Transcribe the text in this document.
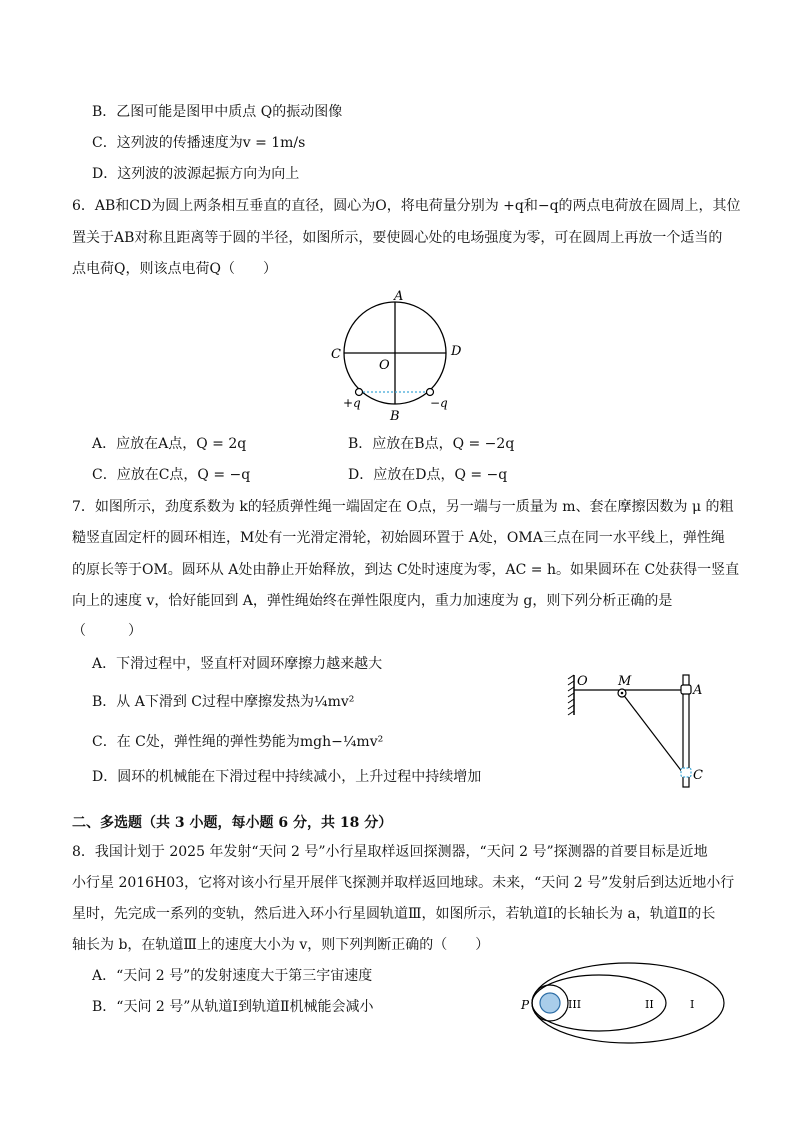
B．乙图可能是图甲中质点 Q的振动图像
C．这列波的传播速度为v = 1m/s
D．这列波的波源起振方向为向上
6．AB和CD为圆上两条相互垂直的直径，圆心为O，将电荷量分别为 +q和−q的两点电荷放在圆周上，其位
置关于AB对称且距离等于圆的半径，如图所示，要使圆心处的电场强度为零，可在圆周上再放一个适当的
点电荷Q，则该点电荷Q（　　）
A
B
C	D
O
+q	−q
A．应放在A点，Q = 2q	B．应放在B点，Q = −2q
C．应放在C点，Q = −q	D．应放在D点，Q = −q
7．如图所示，劲度系数为 k的轻质弹性绳一端固定在 O点，另一端与一质量为 m、套在摩擦因数为 μ 的粗
糙竖直固定杆的圆环相连，M处有一光滑定滑轮，初始圆环置于 A处，OMA三点在同一水平线上，弹性绳
的原长等于OM。圆环从 A处由静止开始释放，到达 C处时速度为零，AC = h。如果圆环在 C处获得一竖直
向上的速度 v，恰好能回到 A，弹性绳始终在弹性限度内，重力加速度为 g，则下列分析正确的是
（　　　）
A．下滑过程中，竖直杆对圆环摩擦力越来越大
B．从 A下滑到 C过程中摩擦发热为¼mv²
C．在 C处，弹性绳的弹性势能为mgh−¼mv²
D．圆环的机械能在下滑过程中持续减小，上升过程中持续增加
O M
A
C
二、多选题（共 3 小题，每小题 6 分，共 18 分）
8．我国计划于 2025 年发射“天问 2 号”小行星取样返回探测器，“天问 2 号”探测器的首要目标是近地
小行星 2016H03，它将对该小行星开展伴飞探测并取样返回地球。未来，“天问 2 号”发射后到达近地小行
星时，先完成一系列的变轨，然后进入环小行星圆轨道Ⅲ，如图所示，若轨道Ⅰ的长轴长为 a，轨道Ⅱ的长
轴长为 b，在轨道Ⅲ上的速度大小为 v，则下列判断正确的（　　）
A．“天问 2 号”的发射速度大于第三宇宙速度
B．“天问 2 号”从轨道Ⅰ到轨道Ⅱ机械能会减小	P	III	II	I
